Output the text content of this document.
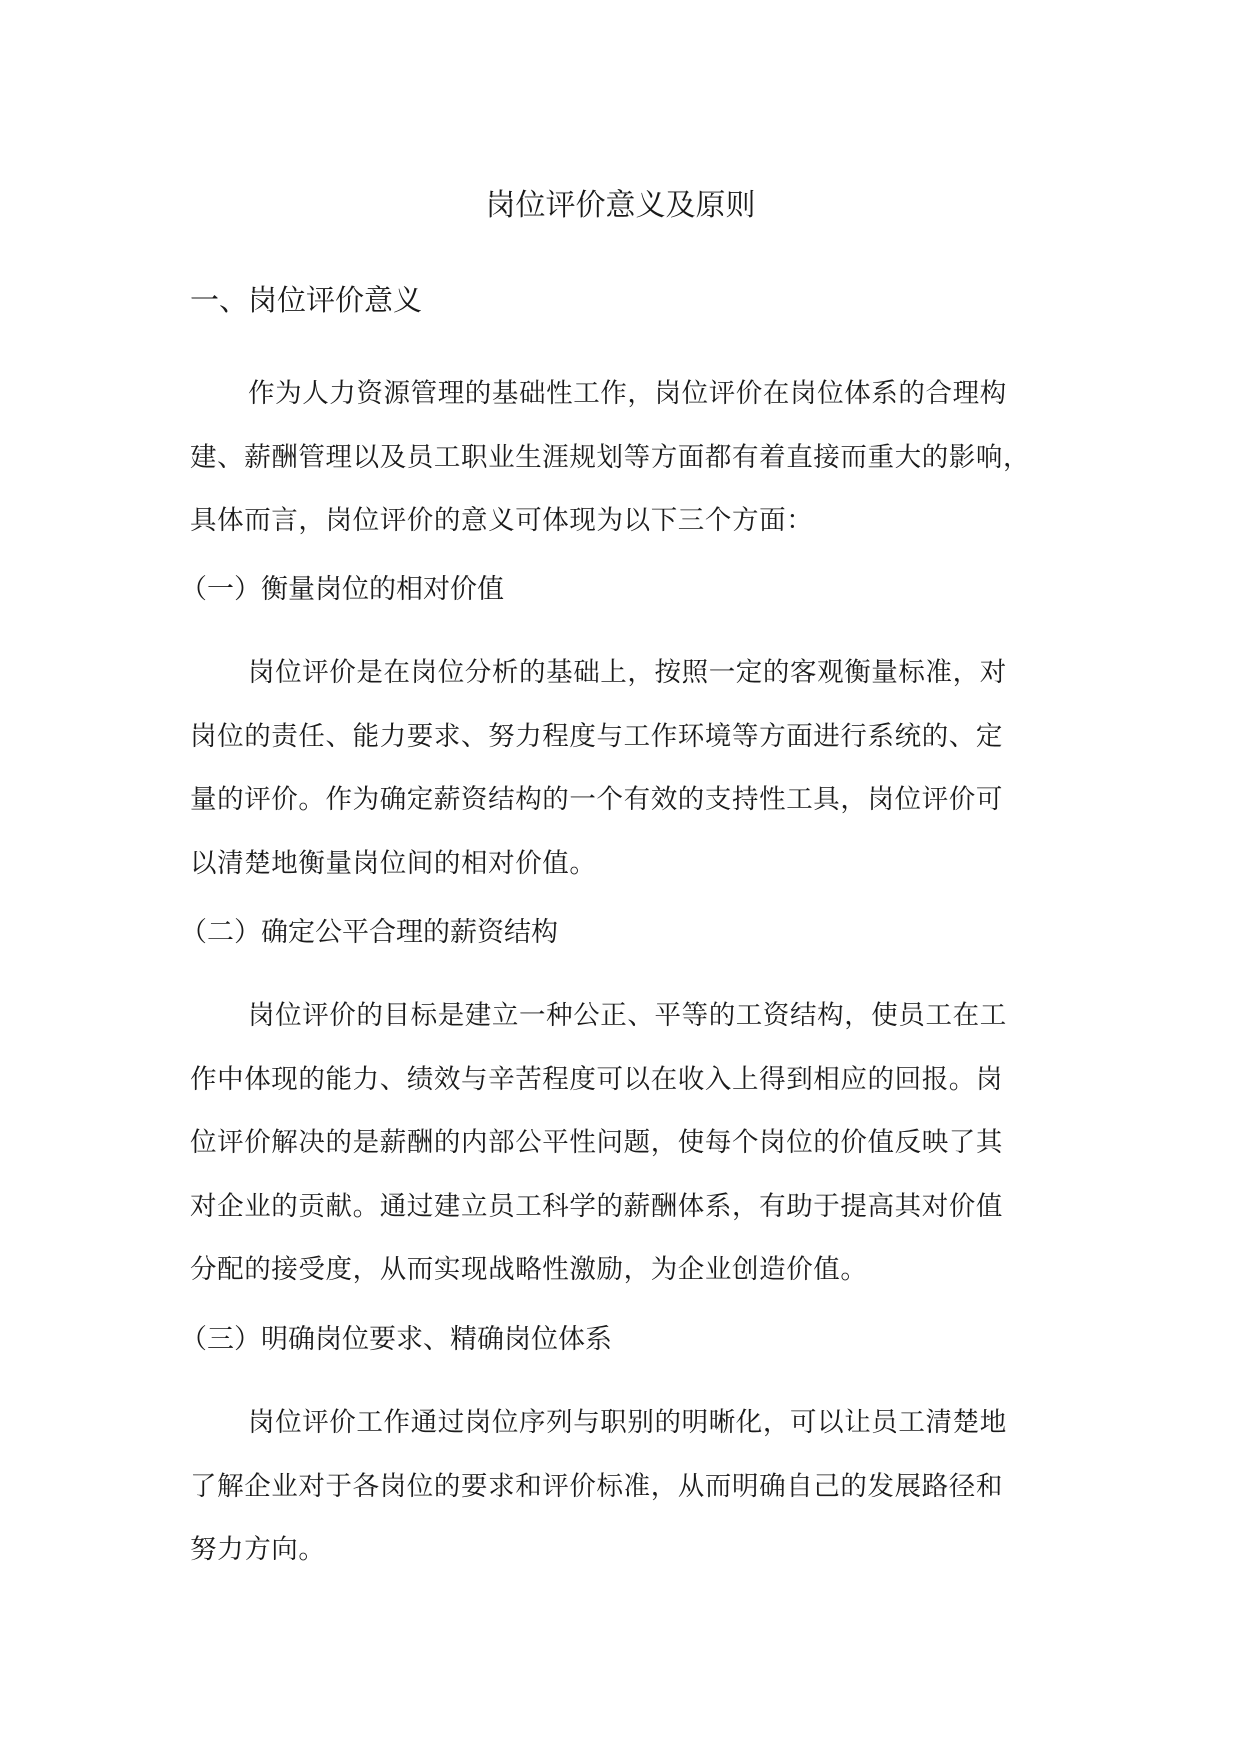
岗位评价意义及原则
一、岗位评价意义

作为人力资源管理的基础性工作，岗位评价在岗位体系的合理构
建、薪酬管理以及员工职业生涯规划等方面都有着直接而重大的影响，
具体而言，岗位评价的意义可体现为以下三个方面：

（一）衡量岗位的相对价值

岗位评价是在岗位分析的基础上，按照一定的客观衡量标准，对
岗位的责任、能力要求、努力程度与工作环境等方面进行系统的、定
量的评价。作为确定薪资结构的一个有效的支持性工具，岗位评价可
以清楚地衡量岗位间的相对价值。

（二）确定公平合理的薪资结构

岗位评价的目标是建立一种公正、平等的工资结构，使员工在工
作中体现的能力、绩效与辛苦程度可以在收入上得到相应的回报。岗
位评价解决的是薪酬的内部公平性问题，使每个岗位的价值反映了其
对企业的贡献。通过建立员工科学的薪酬体系，有助于提高其对价值
分配的接受度，从而实现战略性激励，为企业创造价值。

（三）明确岗位要求、精确岗位体系

岗位评价工作通过岗位序列与职别的明晰化，可以让员工清楚地
了解企业对于各岗位的要求和评价标准，从而明确自己的发展路径和
努力方向。
